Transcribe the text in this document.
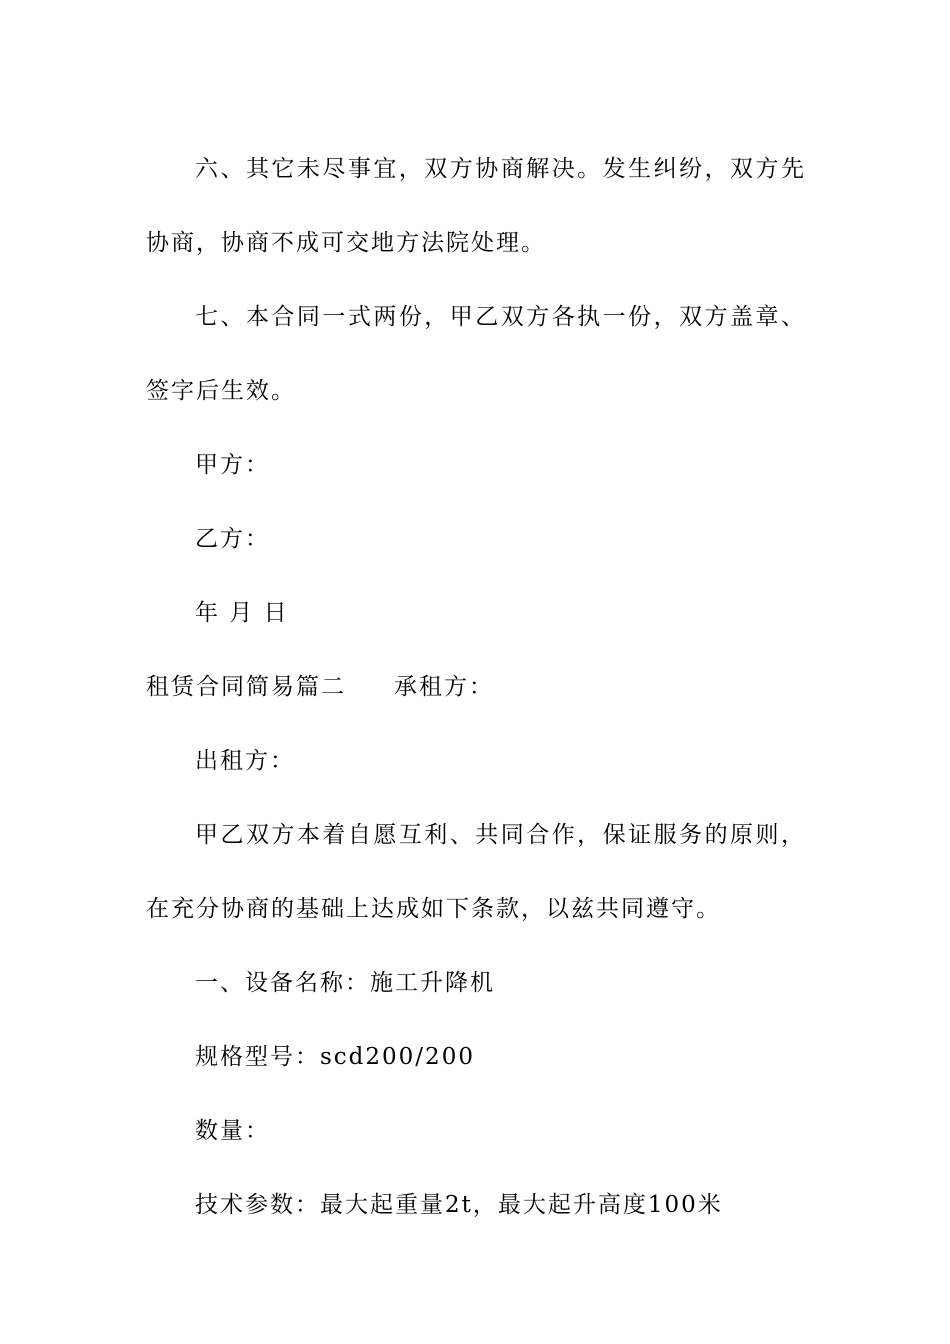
六、其它未尽事宜，双方协商解决。发生纠纷，双方先协商，协商不成可交地方法院处理。

七、本合同一式两份，甲乙双方各执一份，双方盖章、签字后生效。

甲方：

乙方：

年 月 日

租赁合同简易篇二 承租方：

出租方：

甲乙双方本着自愿互利、共同合作，保证服务的原则，在充分协商的基础上达成如下条款，以兹共同遵守。

一、设备名称：施工升降机

规格型号：scd200/200

数量：

技术参数：最大起重量2t，最大起升高度100米
